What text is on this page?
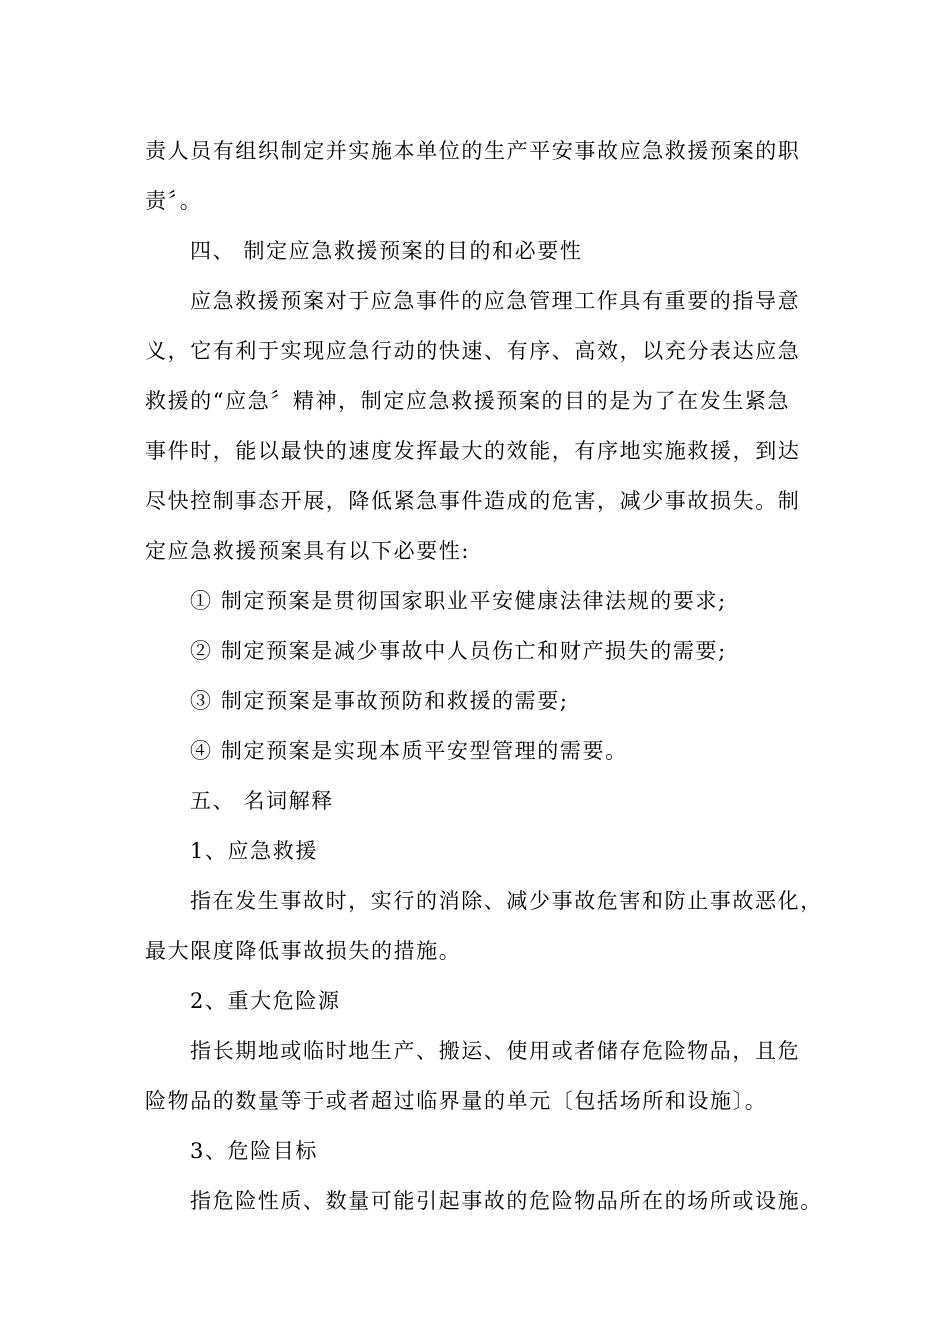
责人员有组织制定并实施本单位的生产平安事故应急救援预案的职
责〞。
四、 制定应急救援预案的目的和必要性
应急救援预案对于应急事件的应急管理工作具有重要的指导意
义，它有利于实现应急行动的快速、有序、高效，以充分表达应急
救援的“应急〞精神，制定应急救援预案的目的是为了在发生紧急
事件时，能以最快的速度发挥最大的效能，有序地实施救援，到达
尽快控制事态开展，降低紧急事件造成的危害，减少事故损失。制
定应急救援预案具有以下必要性:
① 制定预案是贯彻国家职业平安健康法律法规的要求;
② 制定预案是减少事故中人员伤亡和财产损失的需要;
③ 制定预案是事故预防和救援的需要;
④ 制定预案是实现本质平安型管理的需要。
五、 名词解释
1、应急救援
指在发生事故时，实行的消除、减少事故危害和防止事故恶化，
最大限度降低事故损失的措施。
2、重大危险源
指长期地或临时地生产、搬运、使用或者储存危险物品，且危
险物品的数量等于或者超过临界量的单元〔包括场所和设施〕。
3、危险目标
指危险性质、数量可能引起事故的危险物品所在的场所或设施。
